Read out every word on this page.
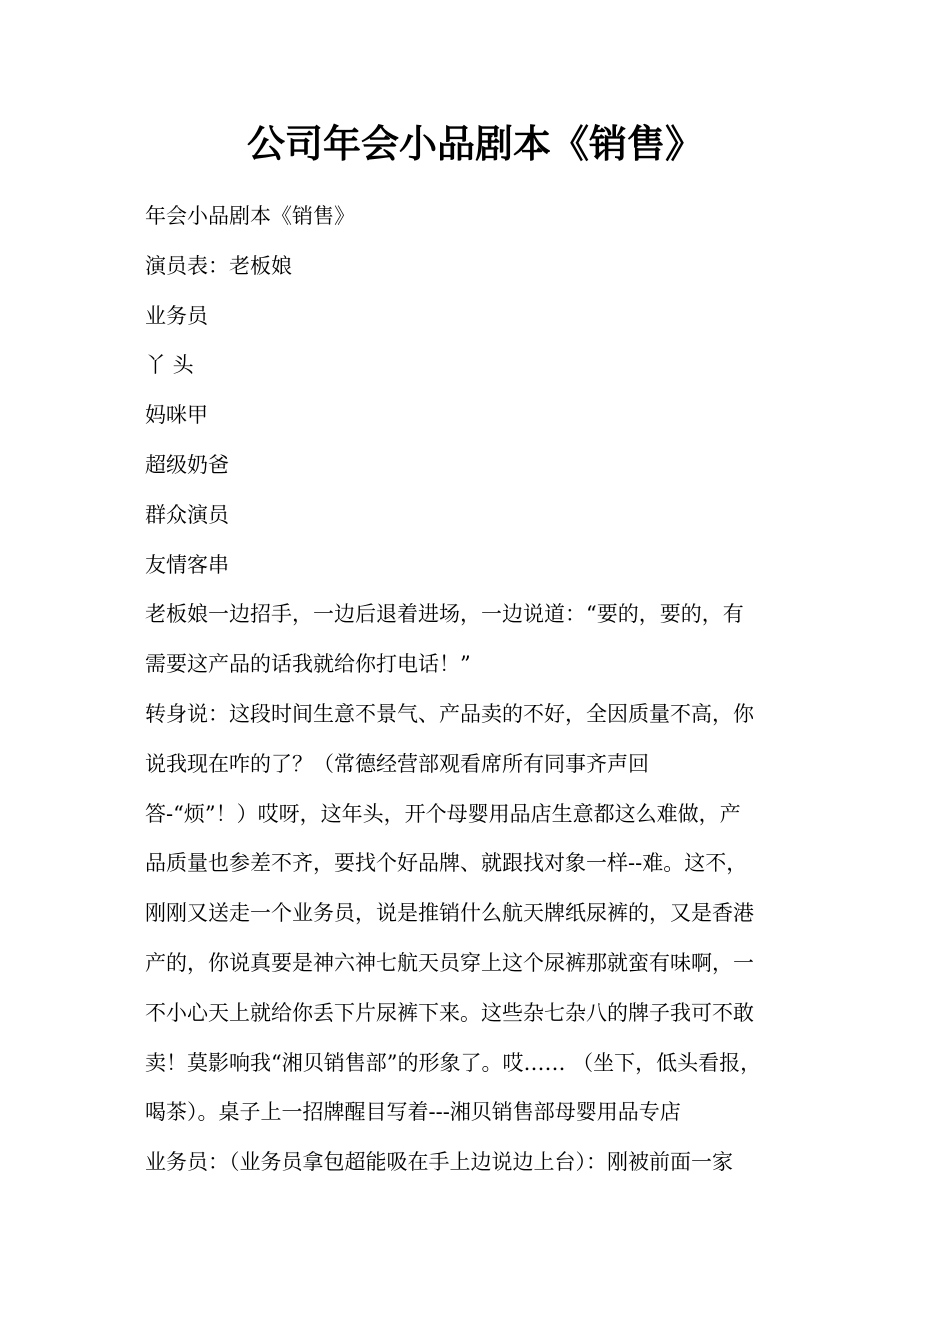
公司年会小品剧本《销售》

年会小品剧本《销售》

演员表：老板娘

业务员

丫 头

妈咪甲

超级奶爸

群众演员

友情客串

老板娘一边招手，一边后退着进场，一边说道：“要的，要的，有

需要这产品的话我就给你打电话！”

转身说：这段时间生意不景气、产品卖的不好，全因质量不高，你

说我现在咋的了？（常德经营部观看席所有同事齐声回

答-“烦”！）哎呀，这年头，开个母婴用品店生意都这么难做，产

品质量也参差不齐，要找个好品牌、就跟找对象一样--难。这不，

刚刚又送走一个业务员，说是推销什么航天牌纸尿裤的，又是香港

产的，你说真要是神六神七航天员穿上这个尿裤那就蛮有味啊，一

不小心天上就给你丢下片尿裤下来。这些杂七杂八的牌子我可不敢

卖！莫影响我“湘贝销售部”的形象了。哎…… （坐下，低头看报，

喝茶）。桌子上一招牌醒目写着---湘贝销售部母婴用品专店

业务员：（业务员拿包超能吸在手上边说边上台）：刚被前面一家
